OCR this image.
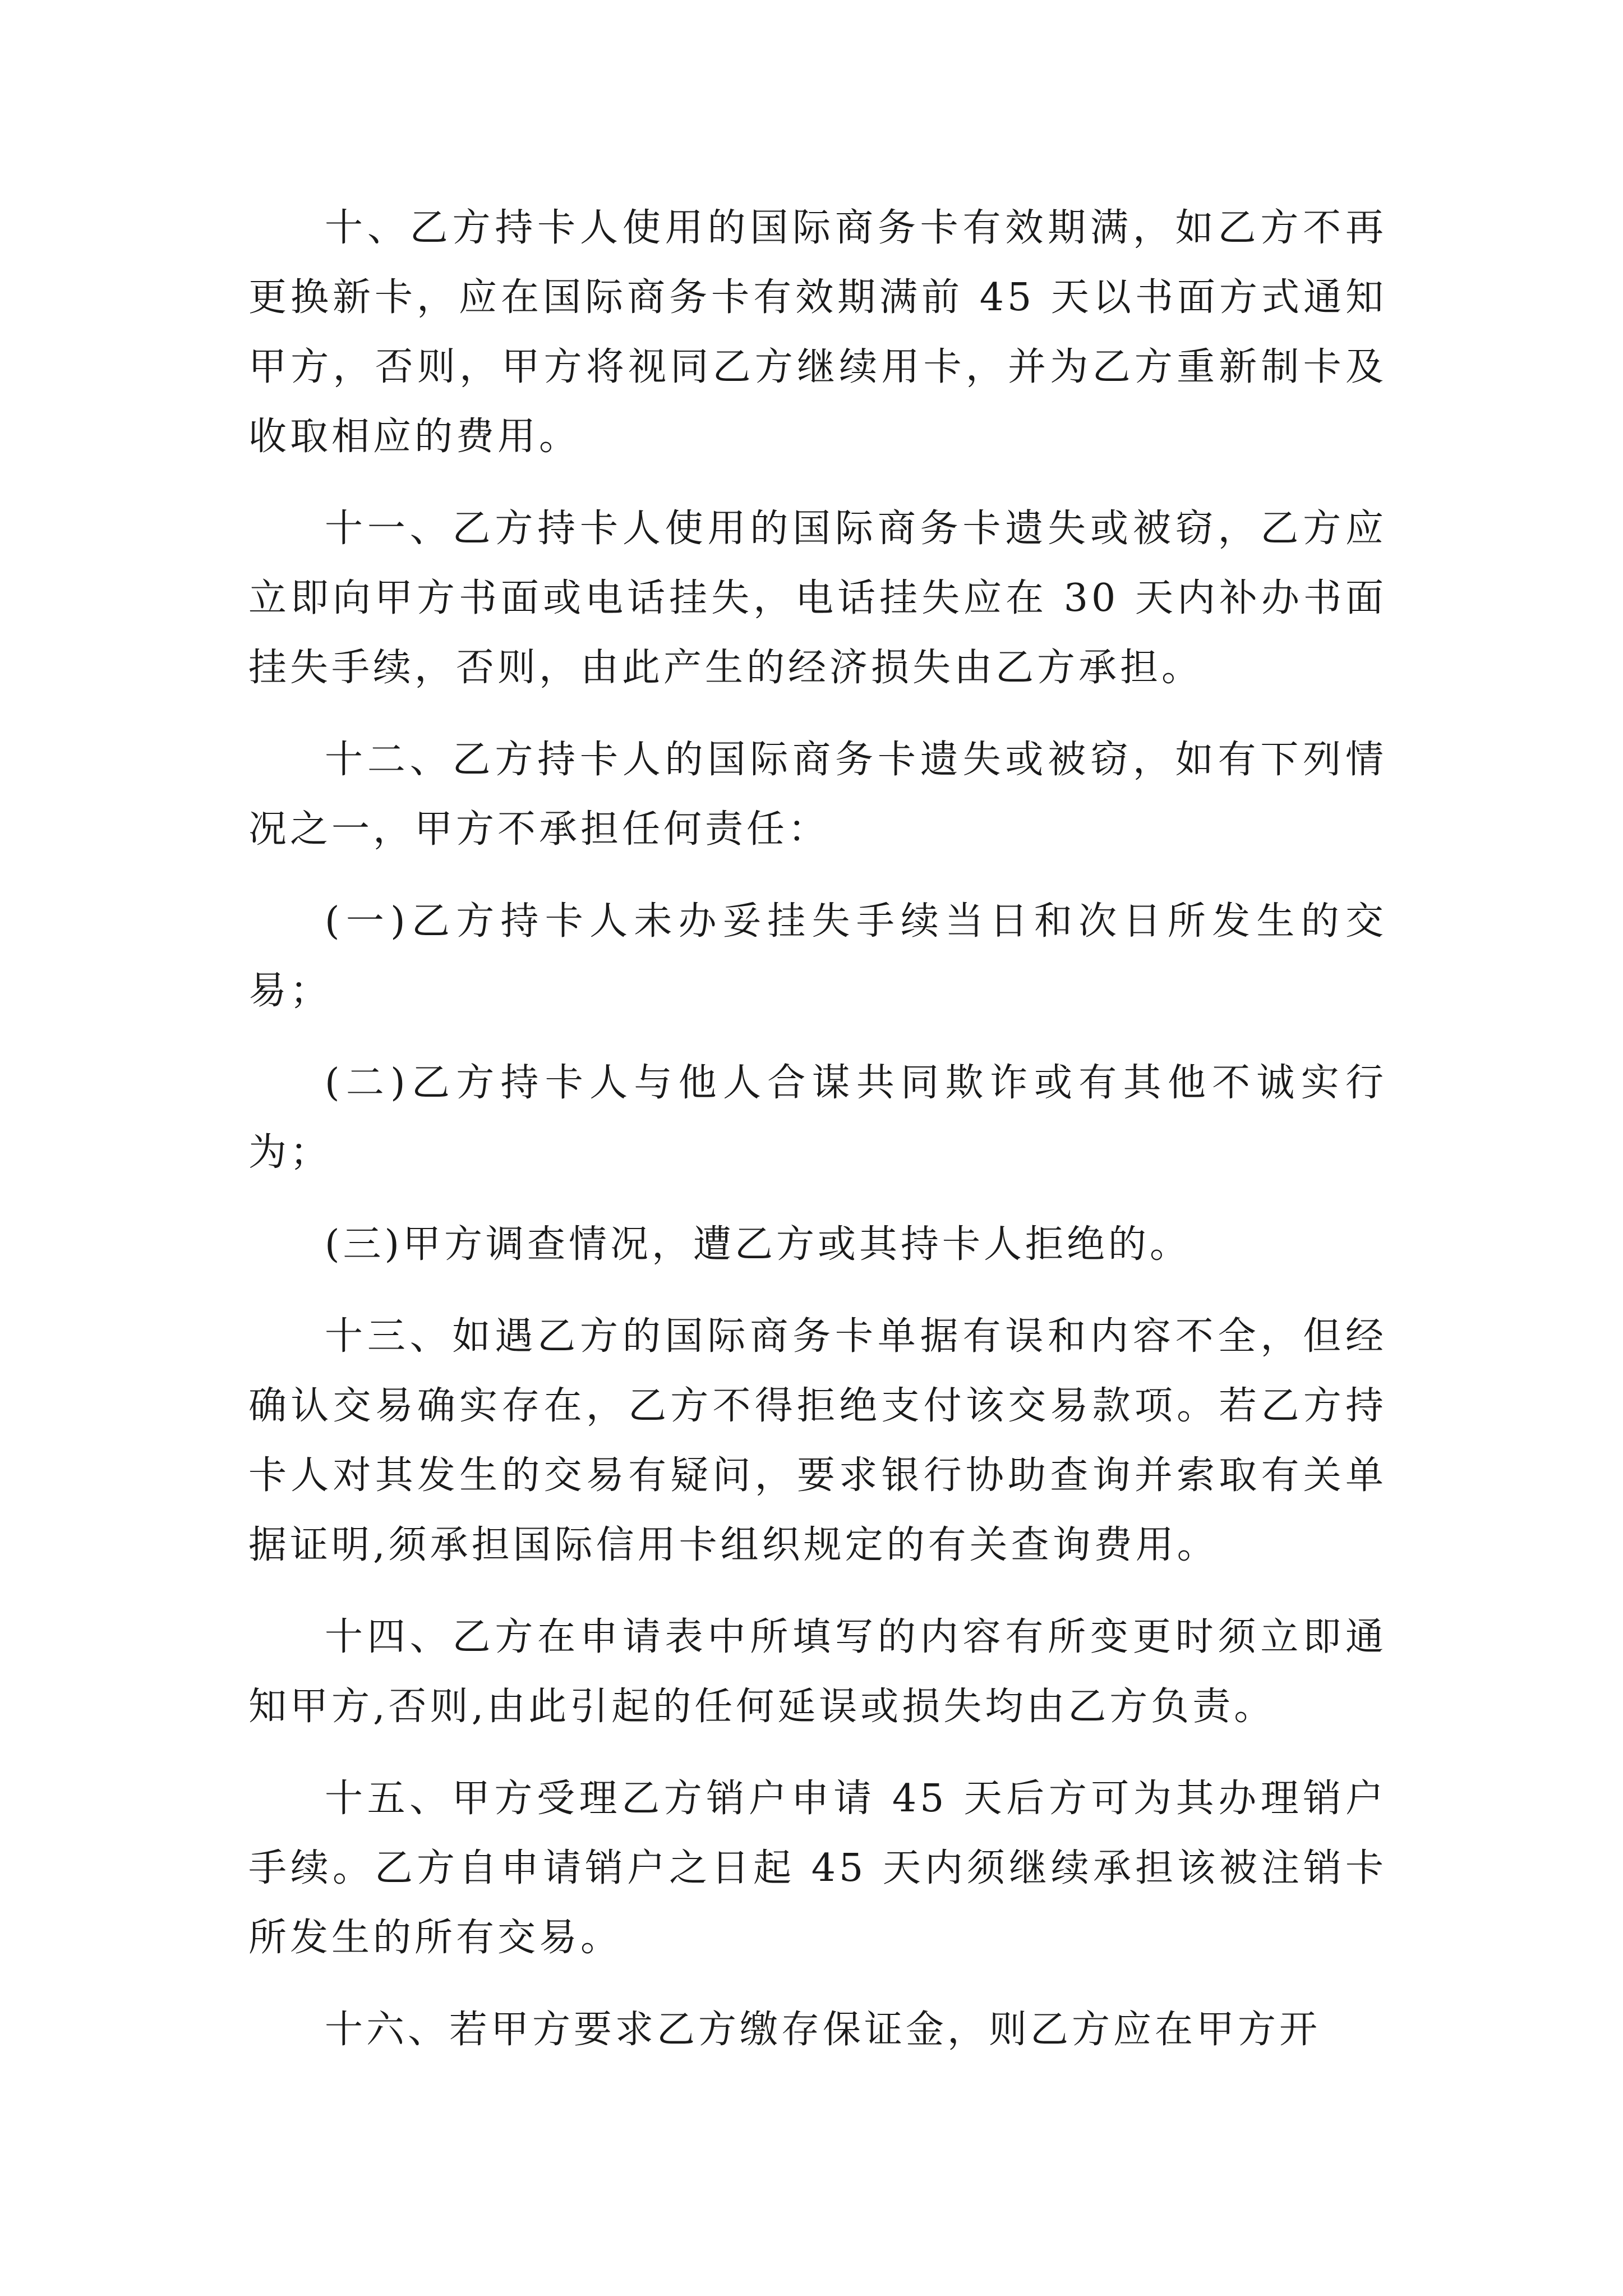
十、乙方持卡人使用的国际商务卡有效期满，如乙方不再更换新卡，应在国际商务卡有效期满前 45 天以书面方式通知甲方，否则，甲方将视同乙方继续用卡，并为乙方重新制卡及收取相应的费用。

十一、乙方持卡人使用的国际商务卡遗失或被窃，乙方应立即向甲方书面或电话挂失，电话挂失应在 30 天内补办书面挂失手续，否则，由此产生的经济损失由乙方承担。

十二、乙方持卡人的国际商务卡遗失或被窃，如有下列情况之一，甲方不承担任何责任：

(一)乙方持卡人未办妥挂失手续当日和次日所发生的交易；

(二)乙方持卡人与他人合谋共同欺诈或有其他不诚实行为；

(三)甲方调查情况，遭乙方或其持卡人拒绝的。

十三、如遇乙方的国际商务卡单据有误和内容不全，但经确认交易确实存在，乙方不得拒绝支付该交易款项。若乙方持卡人对其发生的交易有疑问，要求银行协助查询并索取有关单据证明,须承担国际信用卡组织规定的有关查询费用。

十四、乙方在申请表中所填写的内容有所变更时须立即通知甲方,否则,由此引起的任何延误或损失均由乙方负责。

十五、甲方受理乙方销户申请 45 天后方可为其办理销户手续。乙方自申请销户之日起 45 天内须继续承担该被注销卡所发生的所有交易。

十六、若甲方要求乙方缴存保证金，则乙方应在甲方开
